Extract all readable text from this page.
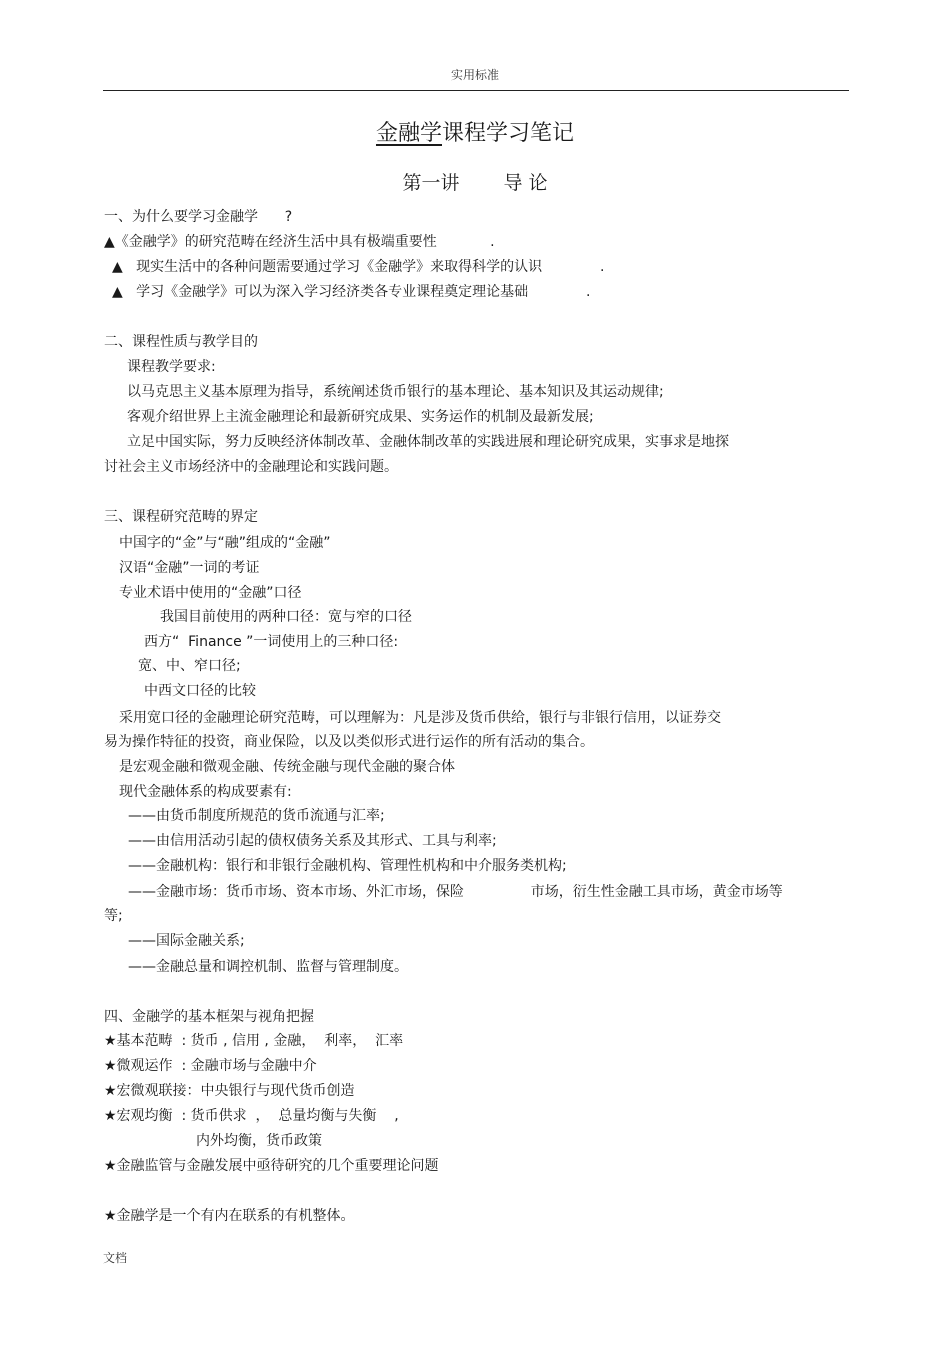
实用标准
金融学课程学习笔记
第一讲 导 论
一、为什么要学习金融学      ?
▲《金融学》的研究范畴在经济生活中具有极端重要性            .
▲   现实生活中的各种问题需要通过学习《金融学》来取得科学的认识             .
▲   学习《金融学》可以为深入学习经济类各专业课程奠定理论基础             .
二、课程性质与教学目的
课程教学要求:
以马克思主义基本原理为指导，系统阐述货币银行的基本理论、基本知识及其运动规律;
客观介绍世界上主流金融理论和最新研究成果、实务运作的机制及最新发展;
立足中国实际，努力反映经济体制改革、金融体制改革的实践进展和理论研究成果，实事求是地探
讨社会主义市场经济中的金融理论和实践问题。
三、课程研究范畴的界定
中国字的“金”与“融”组成的“金融”
汉语“金融”一词的考证
专业术语中使用的“金融”口径
我国目前使用的两种口径：宽与窄的口径
西方“  Finance ”一词使用上的三种口径:
宽、中、窄口径;
中西文口径的比较
采用宽口径的金融理论研究范畴，可以理解为：凡是涉及货币供给，银行与非银行信用，以证券交
易为操作特征的投资，商业保险，以及以类似形式进行运作的所有活动的集合。
是宏观金融和微观金融、传统金融与现代金融的聚合体
现代金融体系的构成要素有:
——由货币制度所规范的货币流通与汇率;
——由信用活动引起的债权债务关系及其形式、工具与利率;
——金融机构：银行和非银行金融机构、管理性机构和中介服务类机构;
——金融市场：货币市场、资本市场、外汇市场，保险               市场，衍生性金融工具市场，黄金市场等
等;
——国际金融关系;
——金融总量和调控机制、监督与管理制度。
四、金融学的基本框架与视角把握
★基本范畴  : 货币 , 信用 , 金融，  利率，  汇率
★微观运作  : 金融市场与金融中介
★宏微观联接：中央银行与现代货币创造
★宏观均衡  : 货币供求  ，  总量均衡与失衡    ,
内外均衡，货币政策
★金融监管与金融发展中亟待研究的几个重要理论问题
★金融学是一个有内在联系的有机整体。
文档
